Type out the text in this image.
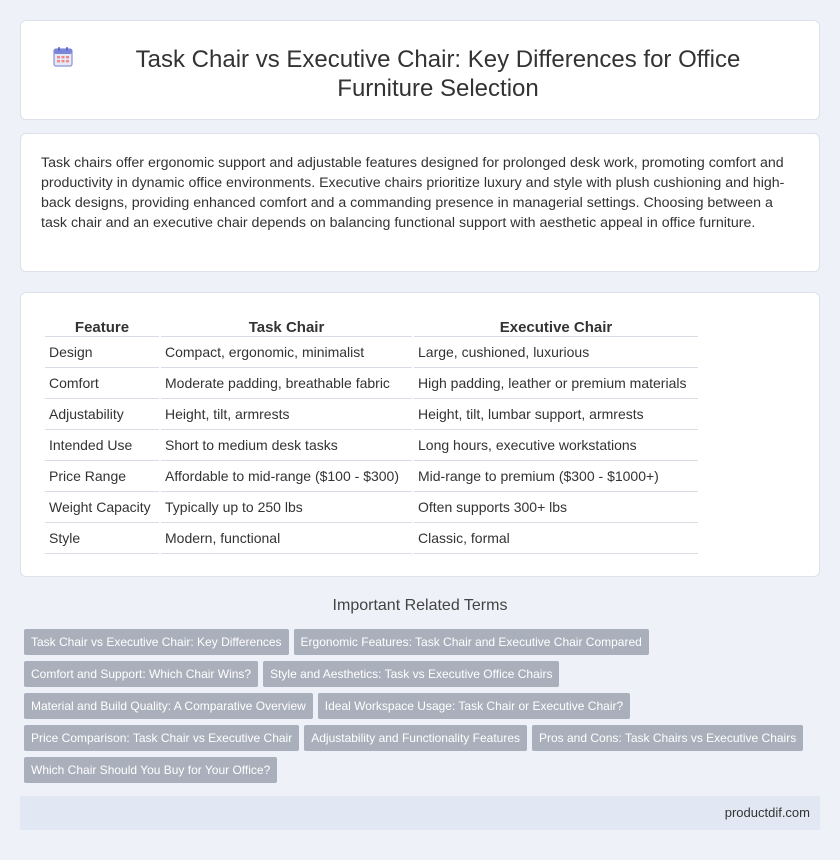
Task Chair vs Executive Chair: Key Differences for Office Furniture Selection

Task chairs offer ergonomic support and adjustable features designed for prolonged desk work, promoting comfort and productivity in dynamic office environments. Executive chairs prioritize luxury and style with plush cushioning and high-back designs, providing enhanced comfort and a commanding presence in managerial settings. Choosing between a task chair and an executive chair depends on balancing functional support with aesthetic appeal in office furniture.

Feature	Task Chair	Executive Chair
Design	Compact, ergonomic, minimalist	Large, cushioned, luxurious
Comfort	Moderate padding, breathable fabric	High padding, leather or premium materials
Adjustability	Height, tilt, armrests	Height, tilt, lumbar support, armrests
Intended Use	Short to medium desk tasks	Long hours, executive workstations
Price Range	Affordable to mid-range ($100 - $300)	Mid-range to premium ($300 - $1000+)
Weight Capacity	Typically up to 250 lbs	Often supports 300+ lbs
Style	Modern, functional	Classic, formal
Important Related Terms
Task Chair vs Executive Chair: Key Differences Ergonomic Features: Task Chair and Executive Chair Compared
Comfort and Support: Which Chair Wins? Style and Aesthetics: Task vs Executive Office Chairs
Material and Build Quality: A Comparative Overview Ideal Workspace Usage: Task Chair or Executive Chair?
Price Comparison: Task Chair vs Executive Chair Adjustability and Functionality Features Pros and Cons: Task Chairs vs Executive Chairs
Which Chair Should You Buy for Your Office?
productdif.com
